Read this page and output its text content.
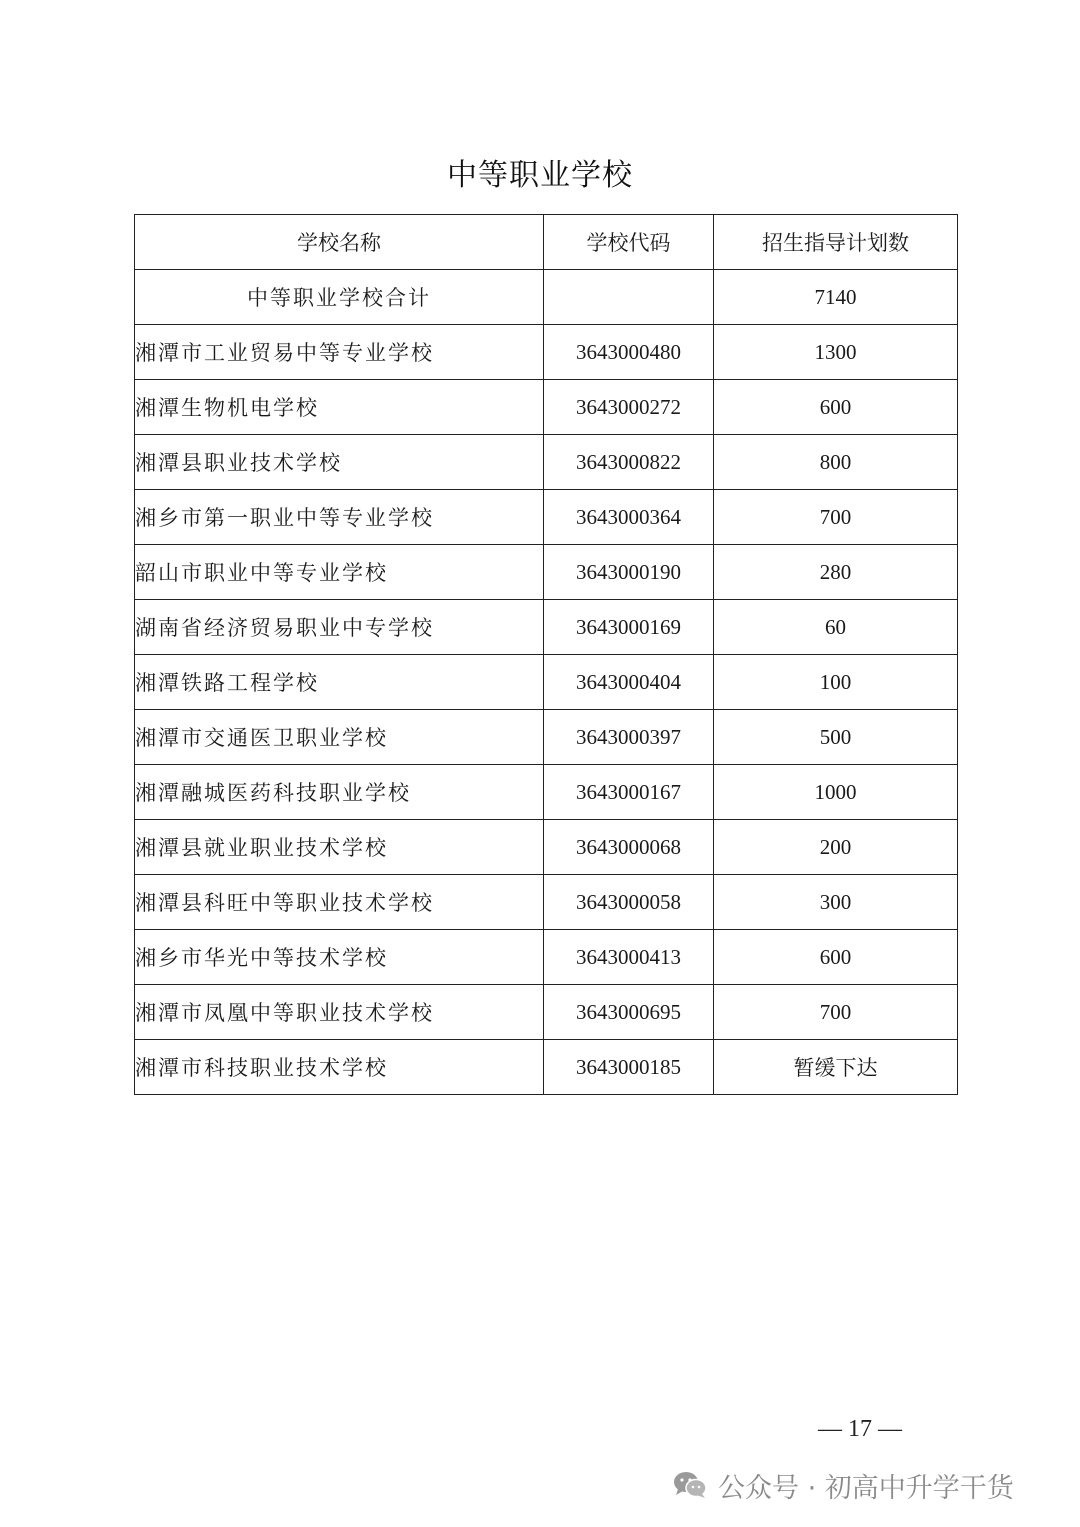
中等职业学校
学校名称	学校代码	招生指导计划数
中等职业学校合计		7140
湘潭市工业贸易中等专业学校	3643000480	1300
湘潭生物机电学校	3643000272	600
湘潭县职业技术学校	3643000822	800
湘乡市第一职业中等专业学校	3643000364	700
韶山市职业中等专业学校	3643000190	280
湖南省经济贸易职业中专学校	3643000169	60
湘潭铁路工程学校	3643000404	100
湘潭市交通医卫职业学校	3643000397	500
湘潭融城医药科技职业学校	3643000167	1000
湘潭县就业职业技术学校	3643000068	200
湘潭县科旺中等职业技术学校	3643000058	300
湘乡市华光中等技术学校	3643000413	600
湘潭市凤凰中等职业技术学校	3643000695	700
湘潭市科技职业技术学校	3643000185	暂缓下达
— 17 —
公众号 · 初高中升学干货
